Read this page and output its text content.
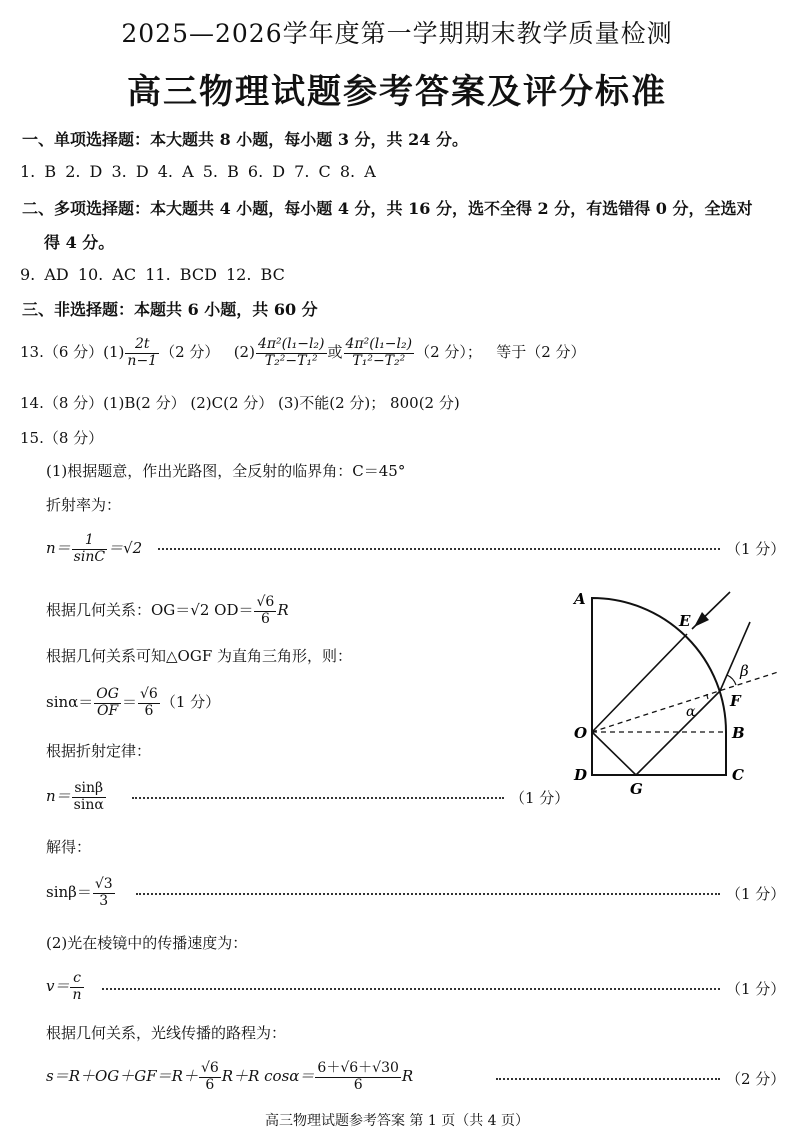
2025—2026学年度第一学期期末教学质量检测
高三物理试题参考答案及评分标准
一、单项选择题：本大题共 8 小题，每小题 3 分，共 24 分。
1. B 2. D 3. D 4. A 5. B 6. D 7. C 8. A
二、多项选择题：本大题共 4 小题，每小题 4 分，共 16 分，选不全得 2 分，有选错得 0 分，全选对
得 4 分。
9. AD 10. AC 11. BCD 12. BC
三、非选择题：本题共 6 小题，共 60 分
13.（6 分）$(1) \frac{2t}{n-1} (2$ 分） $(2) \frac{\text{4π²(l₁−l₂)}}{\text{T₂²−T₁²}}$ 或 $\frac{\text{4π²(l₁−l₂)}}{\text{T₁²−T₂²}} (2$ 分）； 等于（2 分）
14.（8 分）(1)B(2 分） (2)C(2 分） (3)不能(2 分)； 800(2 分)
15.（8 分）
(1)根据题意，作出光路图，全反射的临界角：C＝45°
折射率为：
$n= \frac{1}{\sin C} =√2$	（1 分）
根据几何关系：OG＝√2 $OD= \frac{√6}{6}$ R
根据几何关系可知△OGF 为直角三角形，则：
$\sin\alpha= \frac{OG}{OF} = \frac{√6}{6} (1$ 分）
根据折射定律：
$n= \frac{\sin\beta}{\sin\alpha}$	（1 分）
解得：
$\sin\beta= \frac{√3}{3}$	（1 分）
(2)光在棱镜中的传播速度为：
$v= \frac{c}{n}$	（1 分）
根据几何关系，光线传播的路程为：
$s=R+OG+GF=R+ \frac{√6}{6} R+R$ $\cos\alpha= \frac{6+√6+√30}{6}$ R	（2 分）
A
E
β
F
α
O	B
D	C
G
高三物理试题参考答案 第 1 页（共 4 页）
